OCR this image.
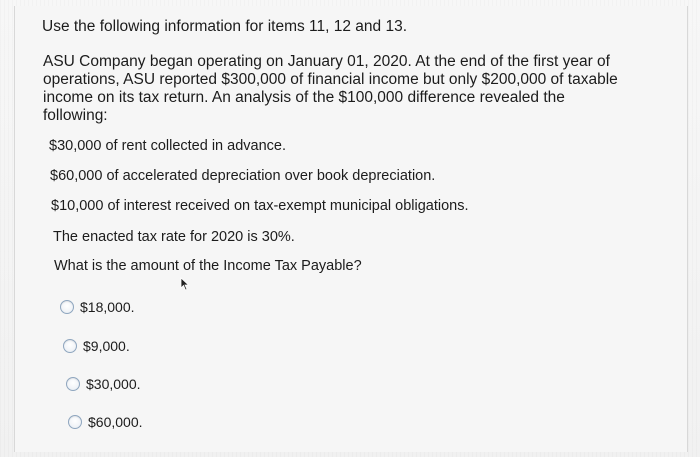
Use the following information for items 11, 12 and 13.
ASU Company began operating on January 01, 2020. At the end of the first year of
operations, ASU reported $300,000 of financial income but only $200,000 of taxable
income on its tax return. An analysis of the $100,000 difference revealed the
following:
$30,000 of rent collected in advance.
$60,000 of accelerated depreciation over book depreciation.
$10,000 of interest received on tax-exempt municipal obligations.
The enacted tax rate for 2020 is 30%.
What is the amount of the Income Tax Payable?
$18,000.
$9,000.
$30,000.
$60,000.
